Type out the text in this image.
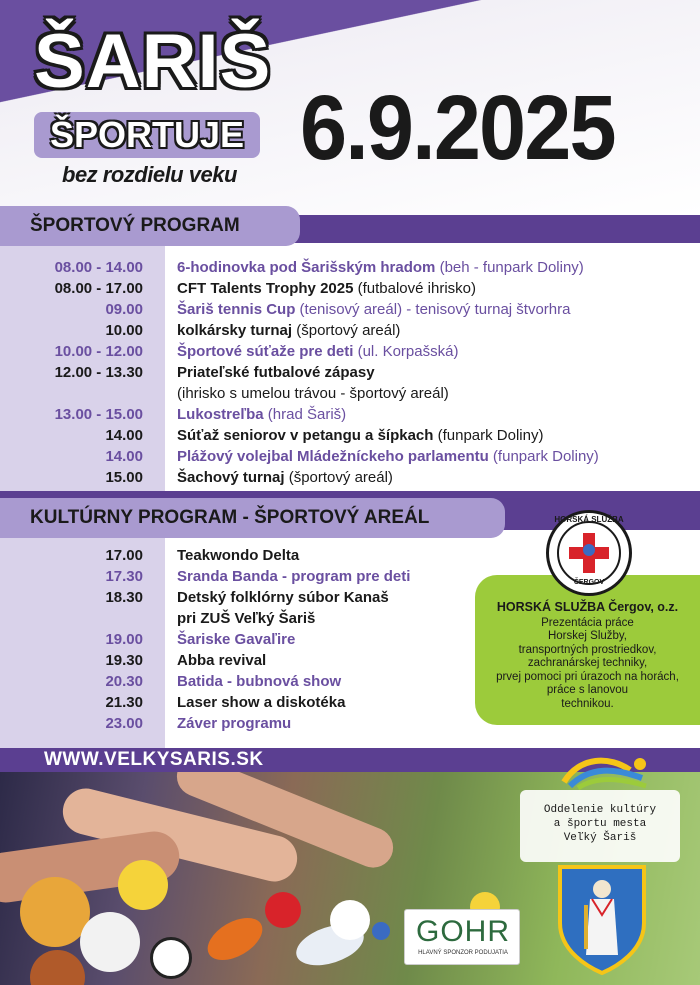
ŠARIŠ
ŠPORTUJE
bez rozdielu veku 6.9.2025
08.00 - 14.00 6-hodinovka pod Šarišským hradom (beh - funpark Doliny)
08.00 - 17.00 CFT Talents Trophy 2025 (futbalové ihrisko)
09.00 Šariš tennis Cup (tenisový areál) - tenisový turnaj štvorhra
10.00 kolkársky turnaj (športový areál)
10.00 - 12.00 Športové súťaže pre deti (ul. Korpašská)
12.00 - 13.30 Priateľské futbalové zápasy
(ihrisko s umelou trávou - športový areál)
13.00 - 15.00 Lukostreľba (hrad Šariš)
14.00 Súťaž seniorov v petangu a šípkach (funpark Doliny)
14.00 Plážový volejbal Mládežníckeho parlamentu (funpark Doliny)
15.00 Šachový turnaj (športový areál)
ŠPORTOVÝ PROGRAM
17.00 Teakwondo Delta
17.30 Sranda Banda - program pre deti
18.30 Detský folklórny súbor Kanaš
pri ZUŠ Veľký Šariš
19.00 Šariske Gavaľire
19.30 Abba revival
20.30 Batida - bubnová show
21.30 Laser show a diskotéka
23.00 Záver programu
KULTÚRNY PROGRAM - ŠPORTOVÝ AREÁL
HORSKÁ SLUŽBA Čergov, o.z.
Prezentácia práce
Horskej Služby,
transportných prostriedkov,
zachranárskej techniky,
prvej pomoci pri úrazoch na horách,
práce s lanovou
technikou.
HORSKÁ SLUŽBA
ČERGOV
WWW.VELKYSARIS.SK
Oddelenie kultúry
a športu mesta
Veľký Šariš
GOHR
HLAVNÝ SPONZOR PODUJATIA
